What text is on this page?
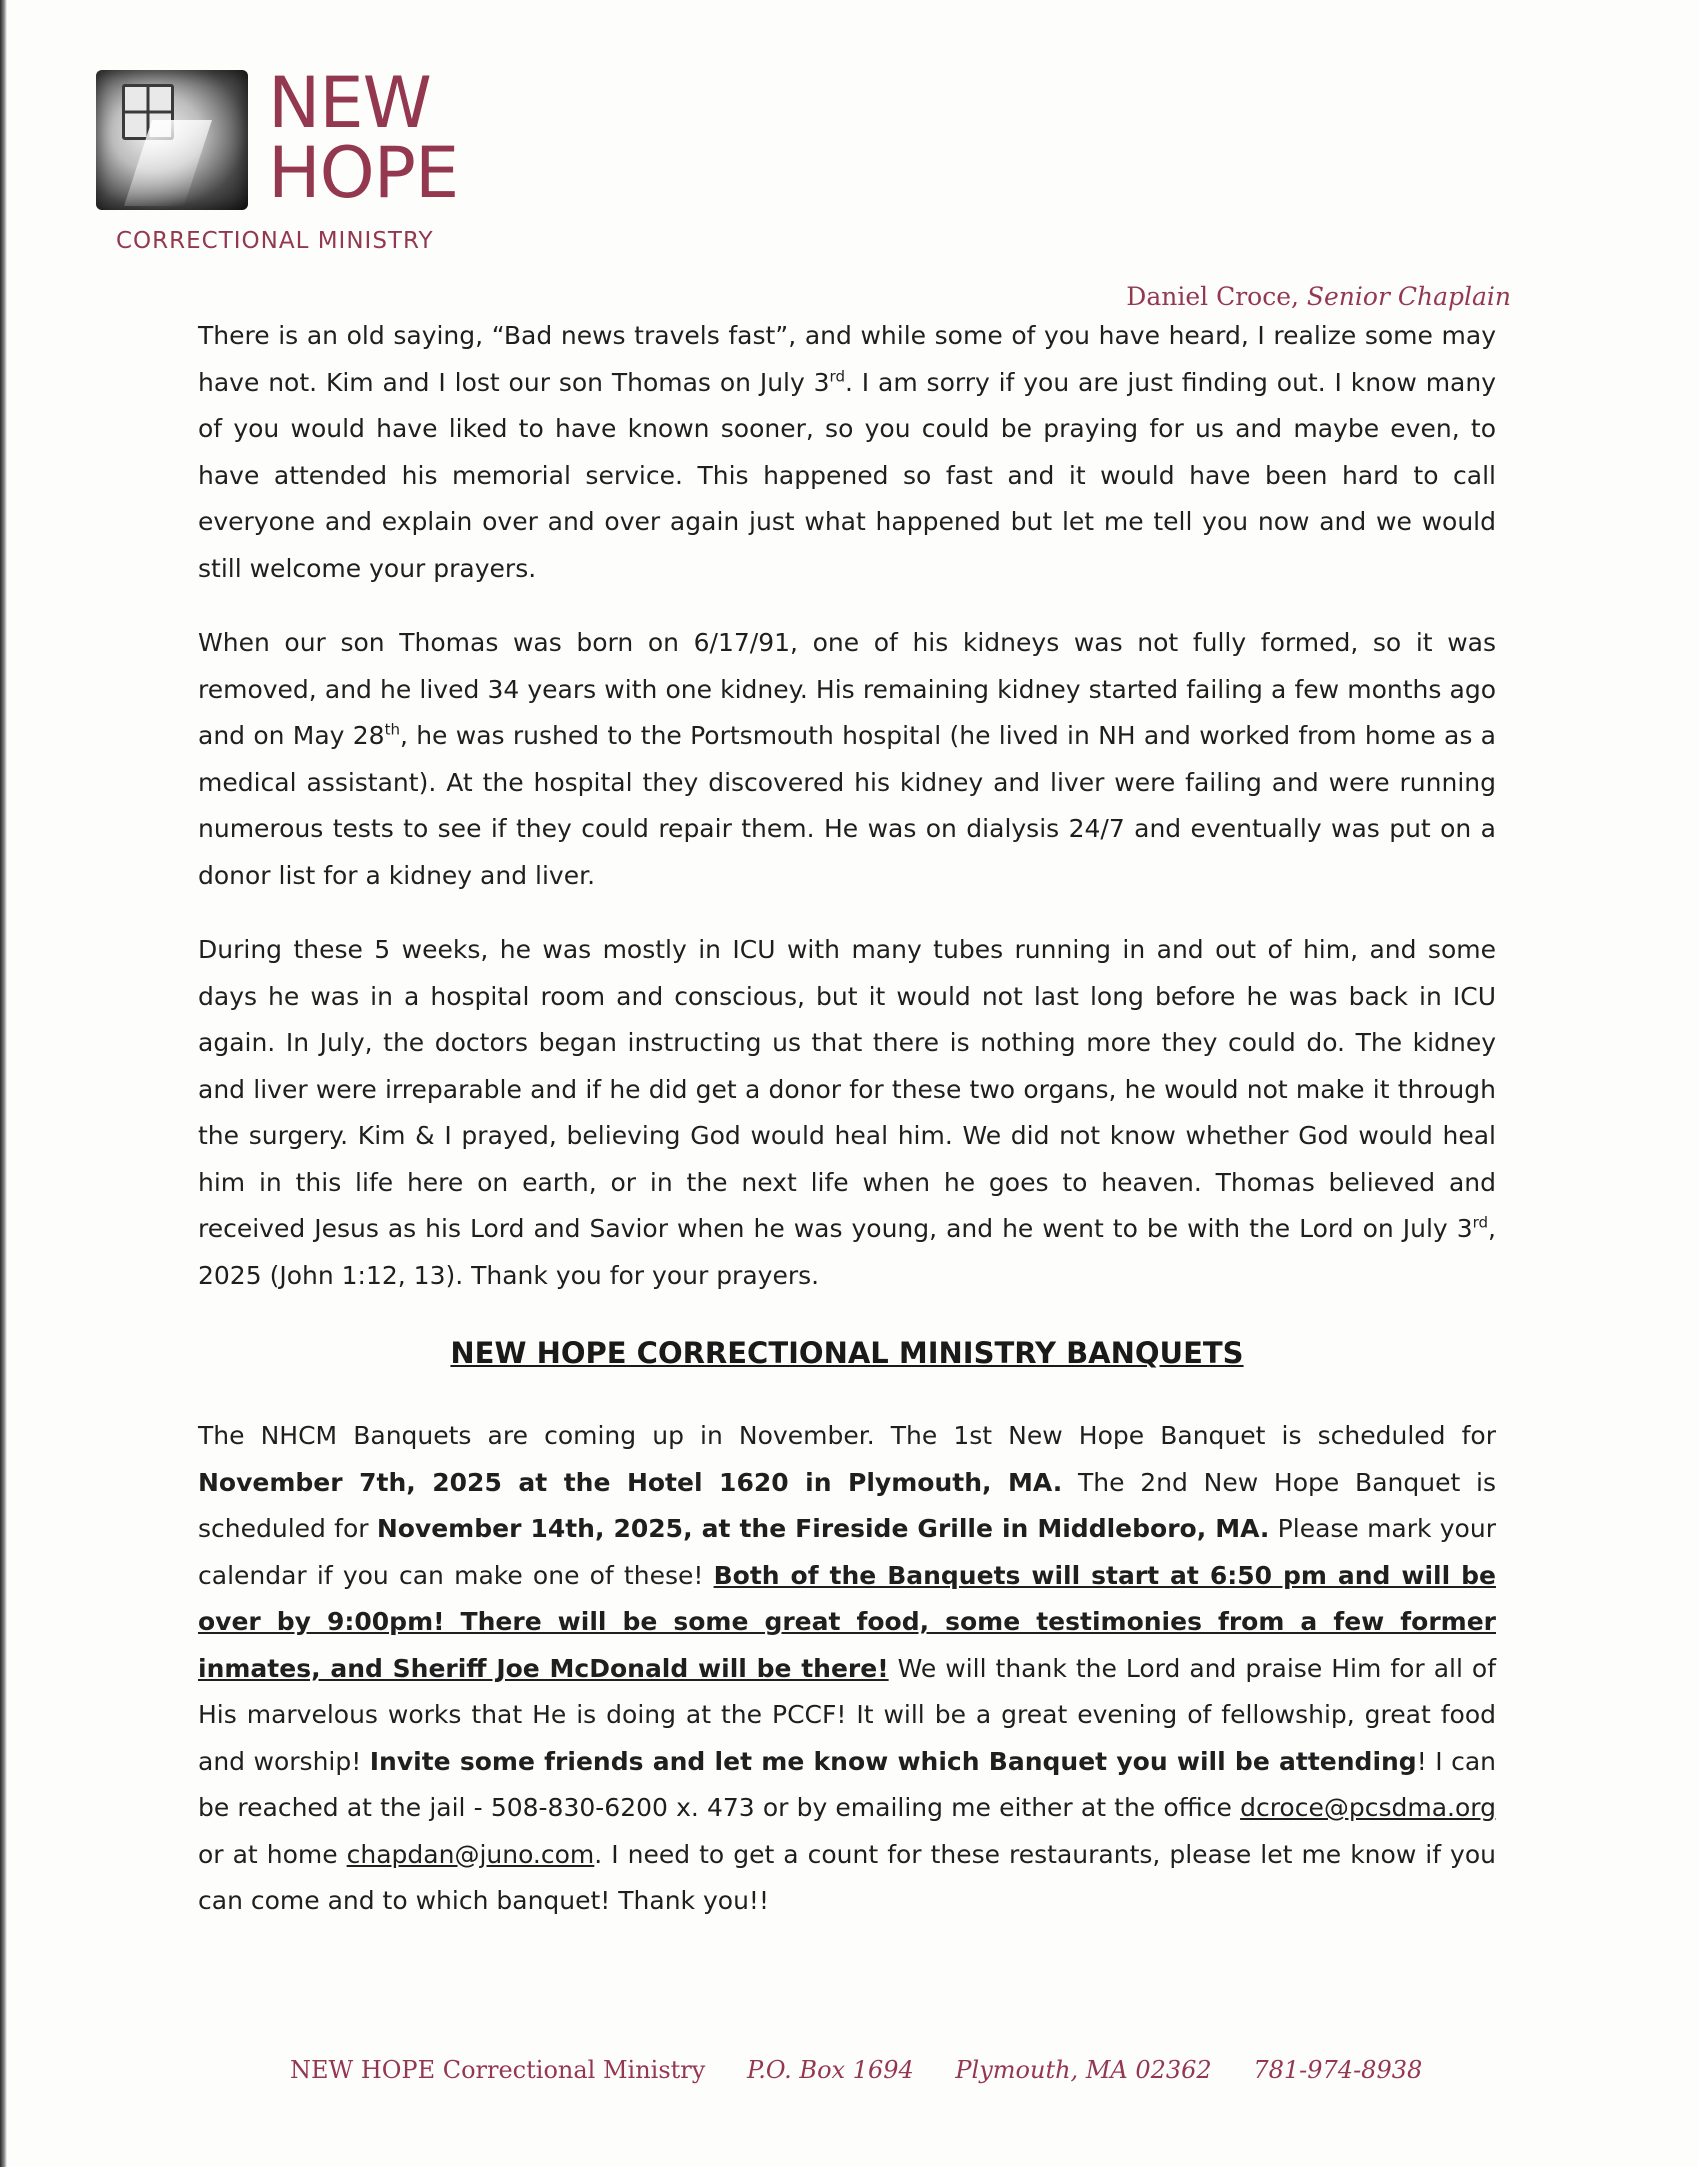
NEW
HOPE
CORRECTIONAL MINISTRY
Daniel Croce, Senior Chaplain

There is an old saying, “Bad news travels fast”, and while some of you have heard, I realize some may have not. Kim and I lost our son Thomas on July 3rd. I am sorry if you are just finding out. I know many of you would have liked to have known sooner, so you could be praying for us and maybe even, to have attended his memorial service. This happened so fast and it would have been hard to call everyone and explain over and over again just what happened but let me tell you now and we would still welcome your prayers.

When our son Thomas was born on 6/17/91, one of his kidneys was not fully formed, so it was removed, and he lived 34 years with one kidney. His remaining kidney started failing a few months ago and on May 28th, he was rushed to the Portsmouth hospital (he lived in NH and worked from home as a medical assistant). At the hospital they discovered his kidney and liver were failing and were running numerous tests to see if they could repair them. He was on dialysis 24/7 and eventually was put on a donor list for a kidney and liver.

During these 5 weeks, he was mostly in ICU with many tubes running in and out of him, and some days he was in a hospital room and conscious, but it would not last long before he was back in ICU again. In July, the doctors began instructing us that there is nothing more they could do. The kidney and liver were irreparable and if he did get a donor for these two organs, he would not make it through the surgery. Kim & I prayed, believing God would heal him. We did not know whether God would heal him in this life here on earth, or in the next life when he goes to heaven. Thomas believed and received Jesus as his Lord and Savior when he was young, and he went to be with the Lord on July 3rd, 2025 (John 1:12, 13). Thank you for your prayers.

NEW HOPE CORRECTIONAL MINISTRY BANQUETS

The NHCM Banquets are coming up in November. The 1st New Hope Banquet is scheduled for November 7th, 2025 at the Hotel 1620 in Plymouth, MA. The 2nd New Hope Banquet is scheduled for November 14th, 2025, at the Fireside Grille in Middleboro, MA. Please mark your calendar if you can make one of these! Both of the Banquets will start at 6:50 pm and will be over by 9:00pm! There will be some great food, some testimonies from a few former inmates, and Sheriff Joe McDonald will be there! We will thank the Lord and praise Him for all of His marvelous works that He is doing at the PCCF! It will be a great evening of fellowship, great food and worship! Invite some friends and let me know which Banquet you will be attending! I can be reached at the jail - 508-830-6200 x. 473 or by emailing me either at the office dcroce@pcsdma.org or at home chapdan@juno.com. I need to get a count for these restaurants, please let me know if you can come and to which banquet! Thank you!!

NEW HOPE Correctional Ministry P.O. Box 1694 Plymouth, MA 02362 781-974-8938
